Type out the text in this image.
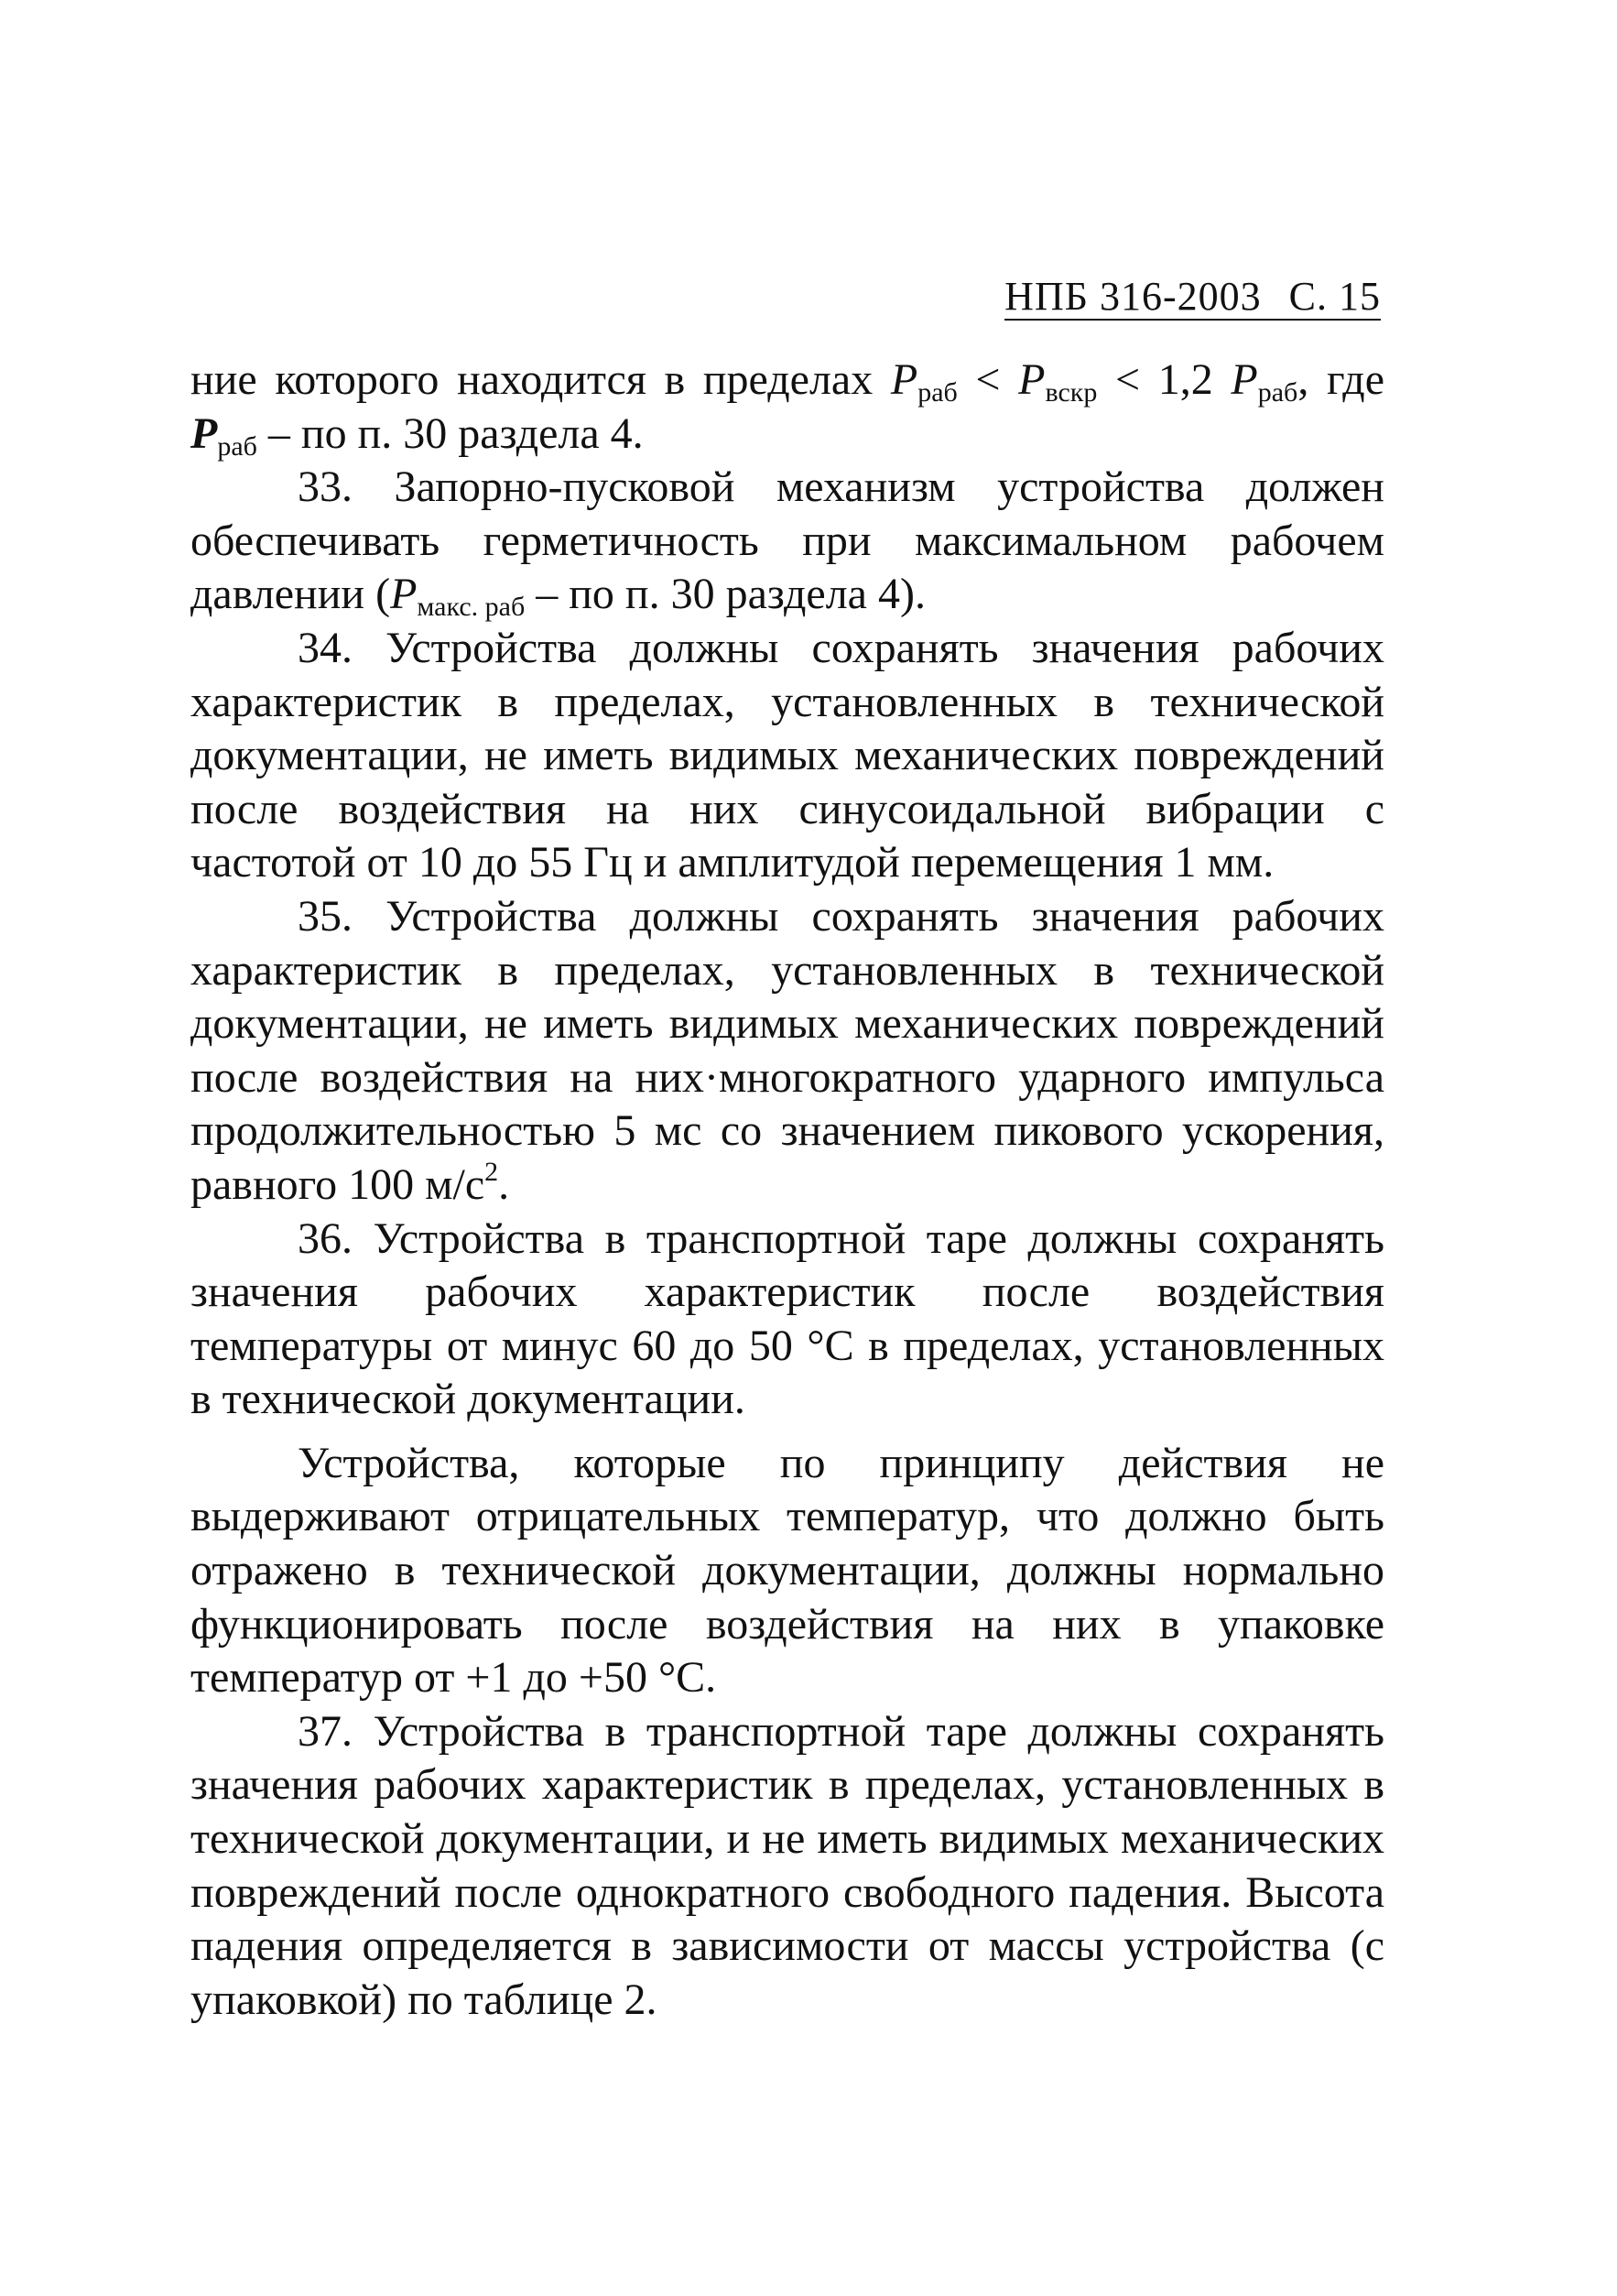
НПБ 316-2003 С. 15

ние которого находится в пределах $P_{раб} < P_{вскр} < 1,2$ $P_{раб}$, где $P_{раб}$ – по п. 30 раздела 4.

33. Запорно-пусковой механизм устройства должен обеспечивать герметичность при максимальном рабочем давлении ($P_{макс. раб}$ – по п. 30 раздела 4).

34. Устройства должны сохранять значения рабочих характеристик в пределах, установленных в технической документации, не иметь видимых механических повреждений после воздействия на них синусоидальной вибрации с частотой от 10 до 55 Гц и амплитудой перемещения 1 мм.

35. Устройства должны сохранять значения рабочих характеристик в пределах, установленных в технической документации, не иметь видимых механических повреждений после воздействия на них·многократного ударного импульса продолжительностью 5 мс со значением пикового ускорения, равного 100 $м/с^2$.

36. Устройства в транспортной таре должны сохранять значения рабочих характеристик после воздействия температуры от минус 60 до 50 °С в пределах, установленных в технической документации.

Устройства, которые по принципу действия не выдерживают отрицательных температур, что должно быть отражено в технической документации, должны нормально функционировать после воздействия на них в упаковке температур от +1 до +50 °С.

37. Устройства в транспортной таре должны сохранять значения рабочих характеристик в пределах, установленных в технической документации, и не иметь видимых механических повреждений после однократного свободного падения. Высота падения определяется в зависимости от массы устройства (с упаковкой) по таблице 2.
